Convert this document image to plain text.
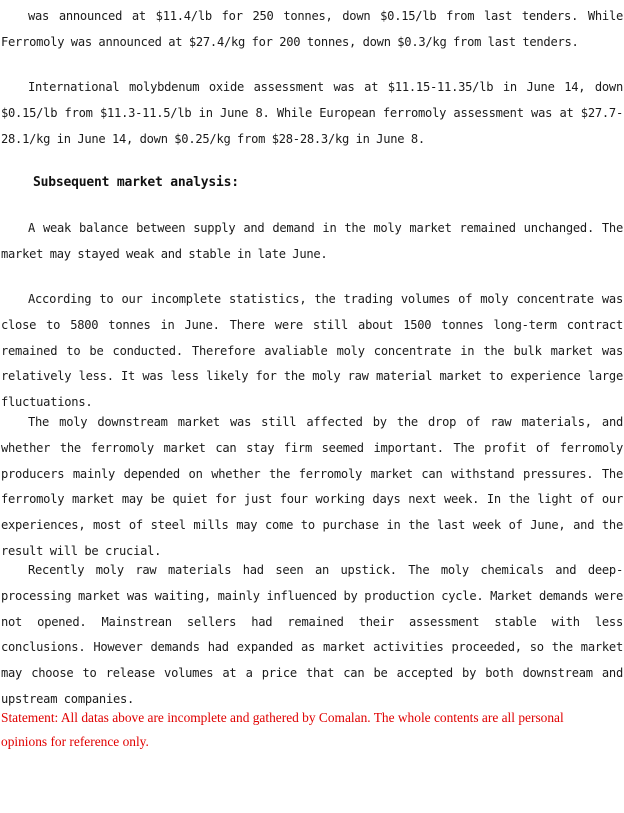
was announced at $11.4/lb for 250 tonnes, down $0.15/lb from last tenders. While Ferromoly was announced at $27.4/kg for 200 tonnes, down $0.3/kg from last tenders.

International molybdenum oxide assessment was at $11.15-11.35/lb in June 14, down $0.15/lb from $11.3-11.5/lb in June 8. While European ferromoly assessment was at $27.7-28.1/kg in June 14, down $0.25/kg from $28-28.3/kg in June 8.

Subsequent market analysis:

A weak balance between supply and demand in the moly market remained unchanged. The market may stayed weak and stable in late June.

According to our incomplete statistics, the trading volumes of moly concentrate was close to 5800 tonnes in June. There were still about 1500 tonnes long-term contract remained to be conducted. Therefore avaliable moly concentrate in the bulk market was relatively less. It was less likely for the moly raw material market to experience large fluctuations.

The moly downstream market was still affected by the drop of raw materials, and whether the ferromoly market can stay firm seemed important. The profit of ferromoly producers mainly depended on whether the ferromoly market can withstand pressures. The ferromoly market may be quiet for just four working days next week. In the light of our experiences, most of steel mills may come to purchase in the last week of June, and the result will be crucial.

Recently moly raw materials had seen an upstick. The moly chemicals and deep-processing market was waiting, mainly influenced by production cycle. Market demands were not opened. Mainstrean sellers had remained their assessment stable with less conclusions. However demands had expanded as market activities proceeded, so the market may choose to release volumes at a price that can be accepted by both downstream and upstream companies.

Statement: All datas above are incomplete and gathered by Comalan. The whole contents are all personal opinions for reference only.
